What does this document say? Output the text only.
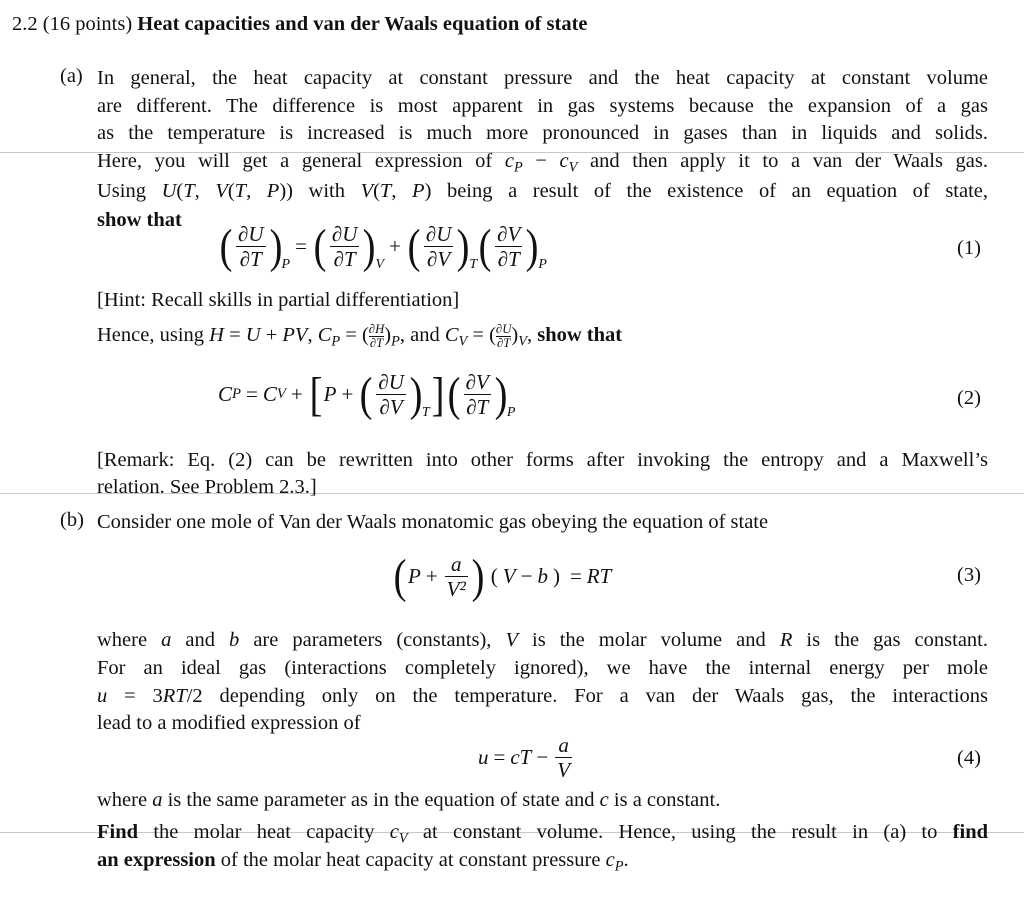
2.2 (16 points) Heat capacities and van der Waals equation of state
(a)
(b)
In general, the heat capacity at constant pressure and the heat capacity at constant volume
are different. The difference is most apparent in gas systems because the expansion of a gas
as the temperature is increased is much more pronounced in gases than in liquids and solids.
Here, you will get a general expression of $c_P - c_V$ and then apply it to a van der Waals gas.
Using U(T, V(T, P)) with V(T, P) being a result of the existence of an equation of state,
show that
[Hint: Recall skills in partial differentiation]
Hence, using H = U + PV, $C_P$ = ( $\frac{\partial H}{\partial T} )_P$, and $C_V$ = ( $\frac{\partial U}{\partial T} )_V$, show that
[Remark: Eq. (2) can be rewritten into other forms after invoking the entropy and a Maxwell’s
relation. See Problem 2.3.]
Consider one mole of Van der Waals monatomic gas obeying the equation of state
where a and b are parameters (constants), V is the molar volume and R is the gas constant.
For an ideal gas (interactions completely ignored), we have the internal energy per mole
u = 3RT/2 depending only on the temperature. For a van der Waals gas, the interactions
lead to a modified expression of
where a is the same parameter as in the equation of state and c is a constant.
Find the molar heat capacity $c_V$ at constant volume. Hence, using the result in (a) to find
an expression of the molar heat capacity at constant pressure $c_P$.
( $\frac{\partial U}{\partial T}$ ) P
= ( $\frac{\partial U}{\partial T}$ ) V
+ ( $\frac{\partial U}{\partial V}$ ) T ( $\frac{\partial V}{\partial T}$ ) P
(1)
C P = C V + [ P + ( $\frac{\partial U}{\partial V}$ ) T ] ( $\frac{\partial V}{\partial T}$ ) P
(2)
( $P + \frac{a}{\text{V²}}$ ) ( V − b ) = RT	(3)
u = cT − $\frac{a}{V}$	(4)
